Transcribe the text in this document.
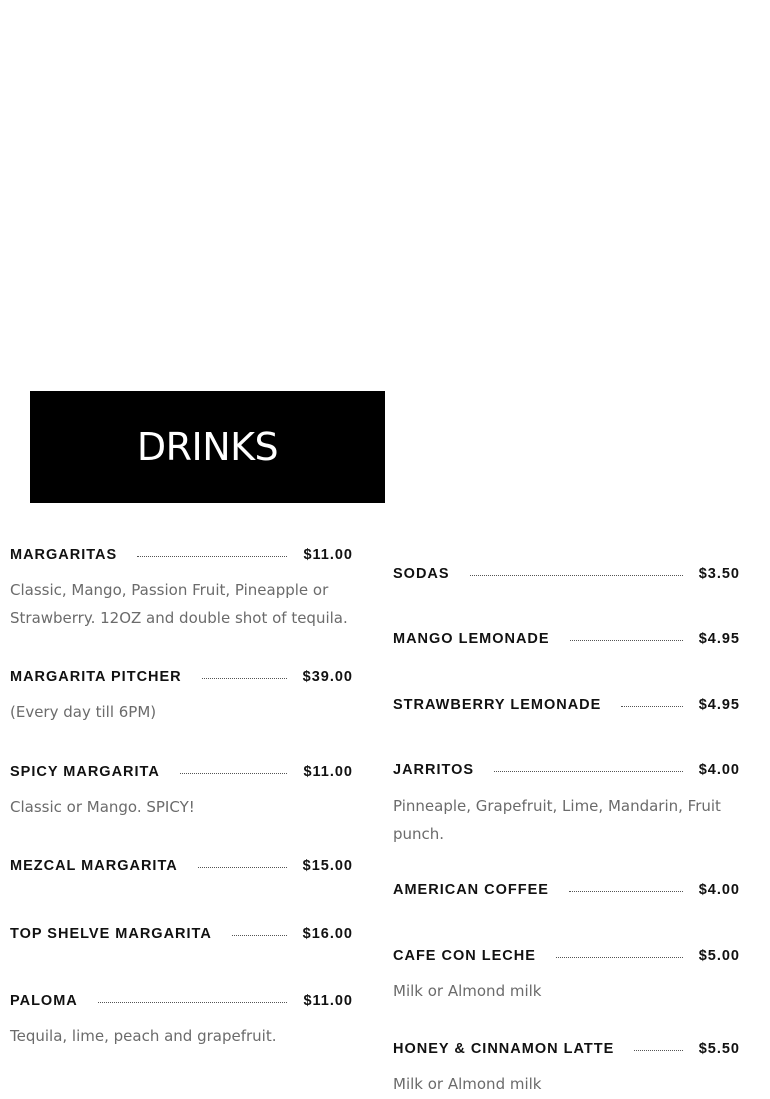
DRINKS
MARGARITAS	$11.00
Classic, Mango, Passion Fruit, Pineapple or Strawberry. 12OZ and double shot of tequila.
MARGARITA PITCHER	$39.00
(Every day till 6PM)
SPICY MARGARITA	$11.00
Classic or Mango. SPICY!
MEZCAL MARGARITA	$15.00
TOP SHELVE MARGARITA	$16.00
PALOMA	$11.00
Tequila, lime, peach and grapefruit.
SODAS	$3.50
MANGO LEMONADE	$4.95
STRAWBERRY LEMONADE	$4.95
JARRITOS	$4.00
Pinneaple, Grapefruit, Lime, Mandarin, Fruit punch.
AMERICAN COFFEE	$4.00
CAFE CON LECHE	$5.00
Milk or Almond milk
HONEY & CINNAMON LATTE	$5.50
Milk or Almond milk
